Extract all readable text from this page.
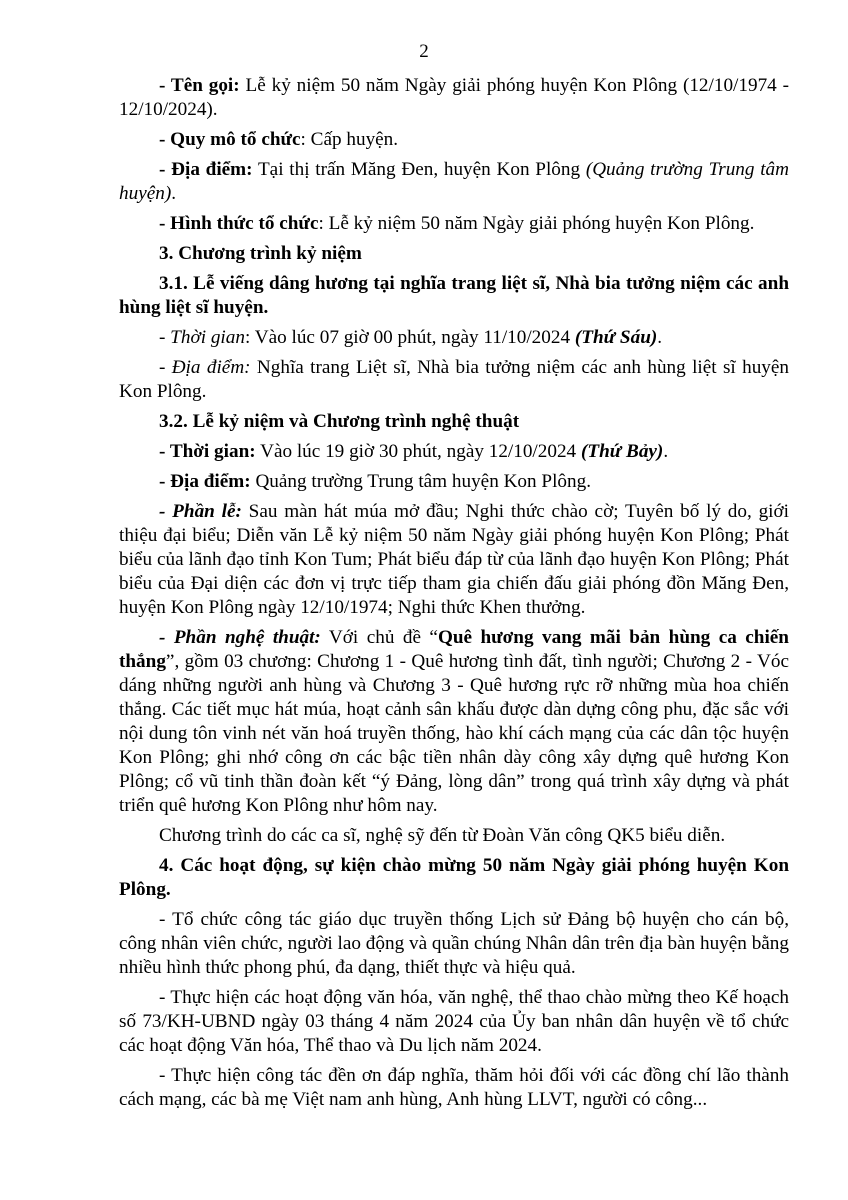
2

- Tên gọi: Lễ kỷ niệm 50 năm Ngày giải phóng huyện Kon Plông (12/10/1974 - 12/10/2024).

- Quy mô tổ chức: Cấp huyện.

- Địa điểm: Tại thị trấn Măng Đen, huyện Kon Plông (Quảng trường Trung tâm huyện).

- Hình thức tổ chức: Lễ kỷ niệm 50 năm Ngày giải phóng huyện Kon Plông.

3. Chương trình kỷ niệm

3.1. Lễ viếng dâng hương tại nghĩa trang liệt sĩ, Nhà bia tưởng niệm các anh hùng liệt sĩ huyện.

- Thời gian: Vào lúc 07 giờ 00 phút, ngày 11/10/2024 (Thứ Sáu).

- Địa điểm: Nghĩa trang Liệt sĩ, Nhà bia tưởng niệm các anh hùng liệt sĩ huyện Kon Plông.

3.2. Lễ kỷ niệm và Chương trình nghệ thuật

- Thời gian: Vào lúc 19 giờ 30 phút, ngày 12/10/2024 (Thứ Bảy).

- Địa điểm: Quảng trường Trung tâm huyện Kon Plông.

- Phần lễ: Sau màn hát múa mở đầu; Nghi thức chào cờ; Tuyên bố lý do, giới thiệu đại biểu; Diễn văn Lễ kỷ niệm 50 năm Ngày giải phóng huyện Kon Plông; Phát biểu của lãnh đạo tỉnh Kon Tum; Phát biểu đáp từ của lãnh đạo huyện Kon Plông; Phát biểu của Đại diện các đơn vị trực tiếp tham gia chiến đấu giải phóng đồn Măng Đen, huyện Kon Plông ngày 12/10/1974; Nghi thức Khen thưởng.

- Phần nghệ thuật: Với chủ đề “Quê hương vang mãi bản hùng ca chiến thắng”, gồm 03 chương: Chương 1 - Quê hương tình đất, tình người; Chương 2 - Vóc dáng những người anh hùng và Chương 3 - Quê hương rực rỡ những mùa hoa chiến thắng. Các tiết mục hát múa, hoạt cảnh sân khấu được dàn dựng công phu, đặc sắc với nội dung tôn vinh nét văn hoá truyền thống, hào khí cách mạng của các dân tộc huyện Kon Plông; ghi nhớ công ơn các bậc tiền nhân dày công xây dựng quê hương Kon Plông; cổ vũ tinh thần đoàn kết “ý Đảng, lòng dân” trong quá trình xây dựng và phát triển quê hương Kon Plông như hôm nay.

Chương trình do các ca sĩ, nghệ sỹ đến từ Đoàn Văn công QK5 biểu diễn.

4. Các hoạt động, sự kiện chào mừng 50 năm Ngày giải phóng huyện Kon Plông.

- Tổ chức công tác giáo dục truyền thống Lịch sử Đảng bộ huyện cho cán bộ, công nhân viên chức, người lao động và quần chúng Nhân dân trên địa bàn huyện bằng nhiều hình thức phong phú, đa dạng, thiết thực và hiệu quả.

- Thực hiện các hoạt động văn hóa, văn nghệ, thể thao chào mừng theo Kế hoạch số 73/KH-UBND ngày 03 tháng 4 năm 2024 của Ủy ban nhân dân huyện về tổ chức các hoạt động Văn hóa, Thể thao và Du lịch năm 2024.

- Thực hiện công tác đền ơn đáp nghĩa, thăm hỏi đối với các đồng chí lão thành cách mạng, các bà mẹ Việt nam anh hùng, Anh hùng LLVT, người có công...
